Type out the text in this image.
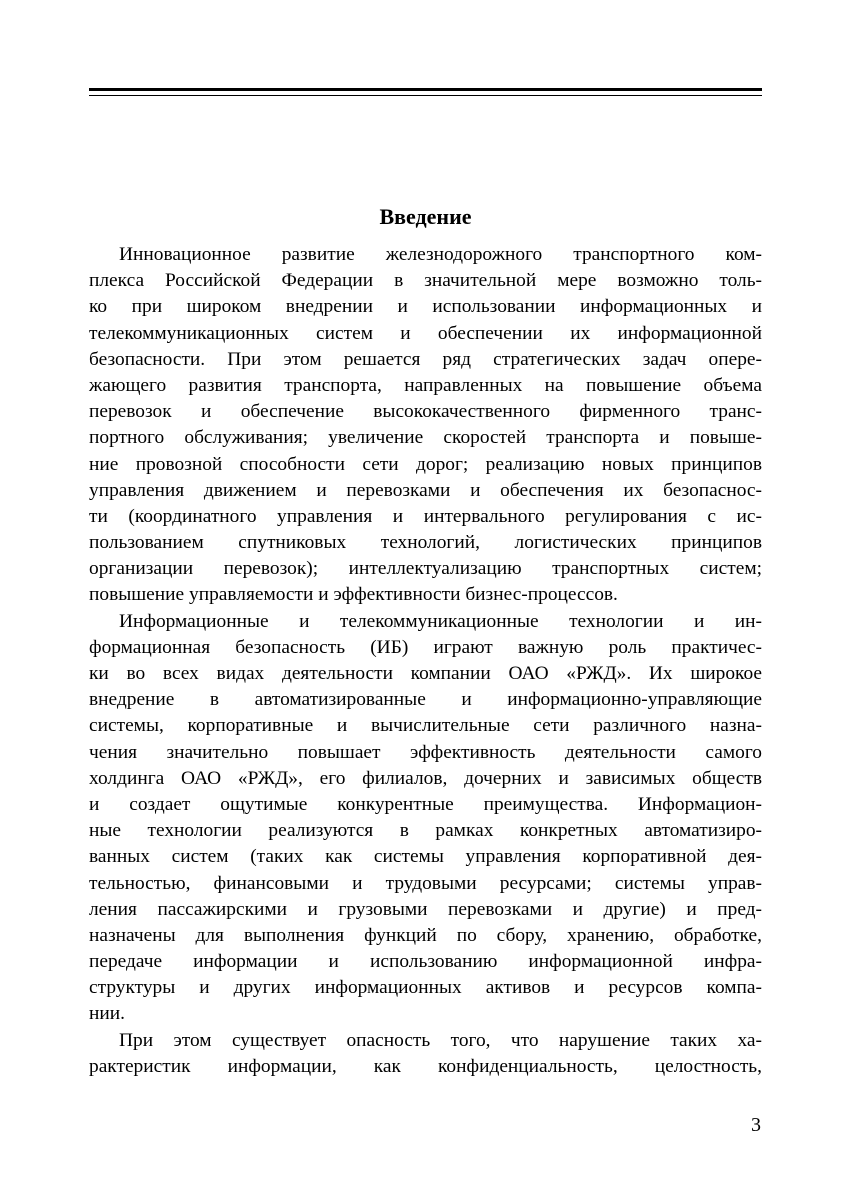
Введение
Инновационное развитие железнодорожного транспортного ком-
плекса Российской Федерации в значительной мере возможно толь-
ко при широком внедрении и использовании информационных и
телекоммуникационных систем и обеспечении их информационной
безопасности. При этом решается ряд стратегических задач опере-
жающего развития транспорта, направленных на повышение объема
перевозок и обеспечение высококачественного фирменного транс-
портного обслуживания; увеличение скоростей транспорта и повыше-
ние провозной способности сети дорог; реализацию новых принципов
управления движением и перевозками и обеспечения их безопаснос-
ти (координатного управления и интервального регулирования с ис-
пользованием спутниковых технологий, логистических принципов
организации перевозок); интеллектуализацию транспортных систем;
повышение управляемости и эффективности бизнес-процессов.
Информационные и телекоммуникационные технологии и ин-
формационная безопасность (ИБ) играют важную роль практичес-
ки во всех видах деятельности компании ОАО «РЖД». Их широкое
внедрение в автоматизированные и информационно-управляющие
системы, корпоративные и вычислительные сети различного назна-
чения значительно повышает эффективность деятельности самого
холдинга ОАО «РЖД», его филиалов, дочерних и зависимых обществ
и создает ощутимые конкурентные преимущества. Информацион-
ные технологии реализуются в рамках конкретных автоматизиро-
ванных систем (таких как системы управления корпоративной дея-
тельностью, финансовыми и трудовыми ресурсами; системы управ-
ления пассажирскими и грузовыми перевозками и другие) и пред-
назначены для выполнения функций по сбору, хранению, обработке,
передаче информации и использованию информационной инфра-
структуры и других информационных активов и ресурсов компа-
нии.
При этом существует опасность того, что нарушение таких ха-
рактеристик информации, как конфиденциальность, целостность,
3
